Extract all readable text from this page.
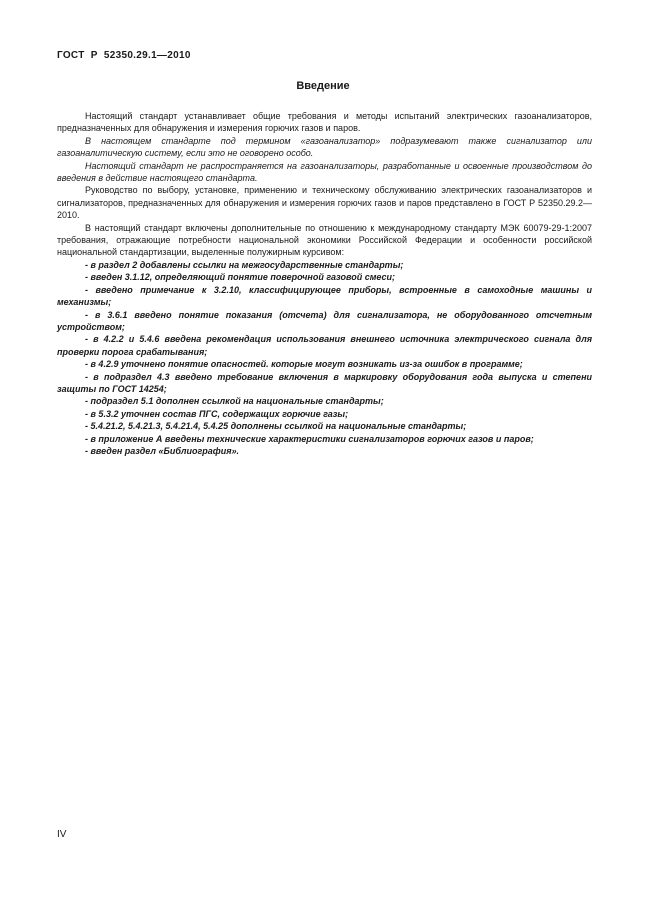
ГОСТ  Р  52350.29.1—2010
Введение

Настоящий стандарт устанавливает общие требования и методы испытаний электрических газоанализаторов, предназначенных для обнаружения и измерения горючих газов и паров.

В настоящем стандарте под термином «газоанализатор» подразумевают также сигнализатор или газоаналитическую систему, если это не оговорено особо.

Настоящий стандарт не распространяется на газоанализаторы, разработанные и освоенные производством до введения в действие настоящего стандарта.

Руководство по выбору, установке, применению и техническому обслуживанию электрических газоанализаторов и сигнализаторов, предназначенных для обнаружения и измерения горючих газов и паров представлено в ГОСТ Р 52350.29.2—2010.

В настоящий стандарт включены дополнительные по отношению к международному стандарту МЭК 60079-29-1:2007 требования, отражающие потребности национальной экономики Российской Федерации и особенности российской национальной стандартизации, выделенные полужирным курсивом:

- в раздел 2 добавлены ссылки на межгосударственные стандарты;

- введен 3.1.12, определяющий понятие поверочной газовой смеси;

- введено примечание к 3.2.10, классифицирующее приборы, встроенные в самоходные машины и механизмы;

- в 3.6.1 введено понятие показания (отсчета) для сигнализатора, не оборудованного отсчетным устройством;

- в 4.2.2 и 5.4.6 введена рекомендация использования внешнего источника электрического сигнала для проверки порога срабатывания;

- в 4.2.9 уточнено понятие опасностей. которые могут возникать из-за ошибок в программе;

- в подраздел 4.3 введено требование включения в маркировку оборудования года выпуска и степени защиты по ГОСТ 14254;

- подраздел 5.1 дополнен ссылкой на национальные стандарты;

- в 5.3.2 уточнен состав ПГС, содержащих горючие газы;

- 5.4.21.2, 5.4.21.3, 5.4.21.4, 5.4.25 дополнены ссылкой на национальные стандарты;

- в приложение А введены технические характеристики сигнализаторов горючих газов и паров;

- введен раздел «Библиография».

IV
